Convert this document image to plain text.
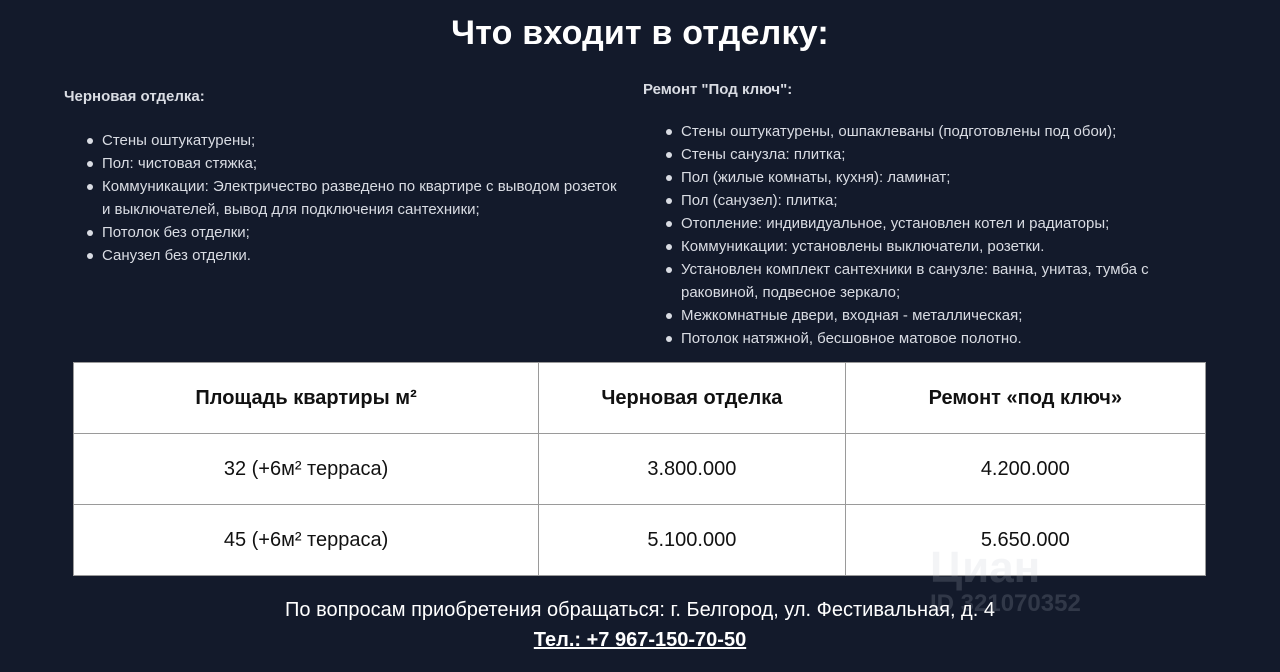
Что входит в отделку:

Черновая отделка:

Стены оштукатурены;
Пол: чистовая стяжка;
Коммуникации: Электричество разведено по квартире с выводом розеток и выключателей, вывод для подключения сантехники;
Потолок без отделки;
Санузел без отделки.

Ремонт "Под ключ":

Стены оштукатурены, ошпаклеваны (подготовлены под обои);
Стены санузла: плитка;
Пол (жилые комнаты, кухня): ламинат;
Пол (санузел): плитка;
Отопление: индивидуальное, установлен котел и радиаторы;
Коммуникации: установлены выключатели, розетки.
Установлен комплект сантехники в санузле: ванна, унитаз, тумба с раковиной, подвесное зеркало;
Межкомнатные двери, входная - металлическая;
Потолок натяжной, бесшовное матовое полотно.
Площадь квартиры м²	Черновая отделка	Ремонт «под ключ»
32 (+6м² терраса)	3.800.000	4.200.000
45 (+6м² терраса)	5.100.000	5.650.000
Циан
ID 321070352
По вопросам приобретения обращаться: г. Белгород, ул. Фестивальная, д. 4
Тел.: +7 967-150-70-50
